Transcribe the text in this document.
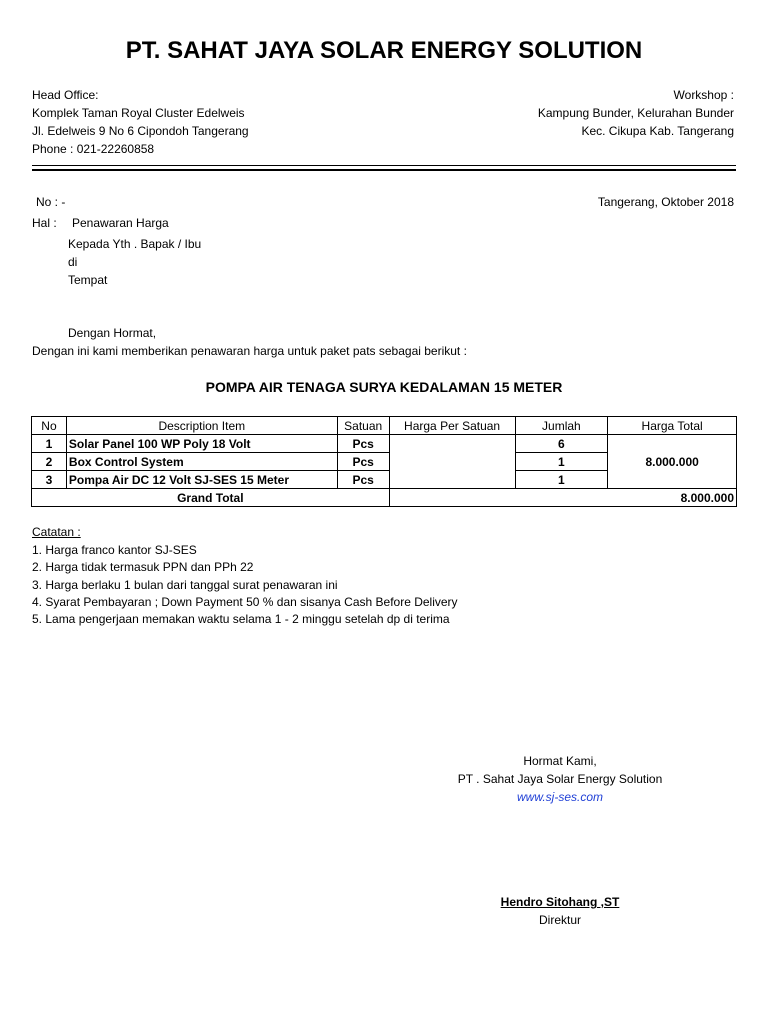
PT. SAHAT JAYA SOLAR ENERGY SOLUTION
Head Office:
Komplek Taman Royal Cluster Edelweis
Jl. Edelweis 9 No 6 Cipondoh Tangerang
Phone : 021-22260858
Workshop :
Kampung Bunder, Kelurahan Bunder
Kec. Cikupa Kab. Tangerang
No : -	Tangerang, Oktober 2018
Hal : Penawaran Harga
Kepada Yth . Bapak / Ibu
di
Tempat
Dengan Hormat,
Dengan ini kami memberikan penawaran harga untuk paket pats sebagai berikut :
POMPA AIR TENAGA SURYA KEDALAMAN 15 METER
No	Description Item	Satuan	Harga Per Satuan	Jumlah	Harga Total
1	Solar Panel 100 WP Poly 18 Volt	Pcs		6	8.000.000
2	Box Control System	Pcs		1	
3	Pompa Air DC 12 Volt SJ-SES 15 Meter	Pcs		1	
Grand Total			8.000.000		
Catatan :
1. Harga franco kantor SJ-SES
2. Harga tidak termasuk PPN dan PPh 22
3. Harga berlaku 1 bulan dari tanggal surat penawaran ini
4. Syarat Pembayaran ; Down Payment 50 % dan sisanya Cash Before Delivery
5. Lama pengerjaan memakan waktu selama 1 - 2 minggu setelah dp di terima
Hormat Kami,
PT . Sahat Jaya Solar Energy Solution
www.sj-ses.com
Hendro Sitohang ,ST
Direktur
